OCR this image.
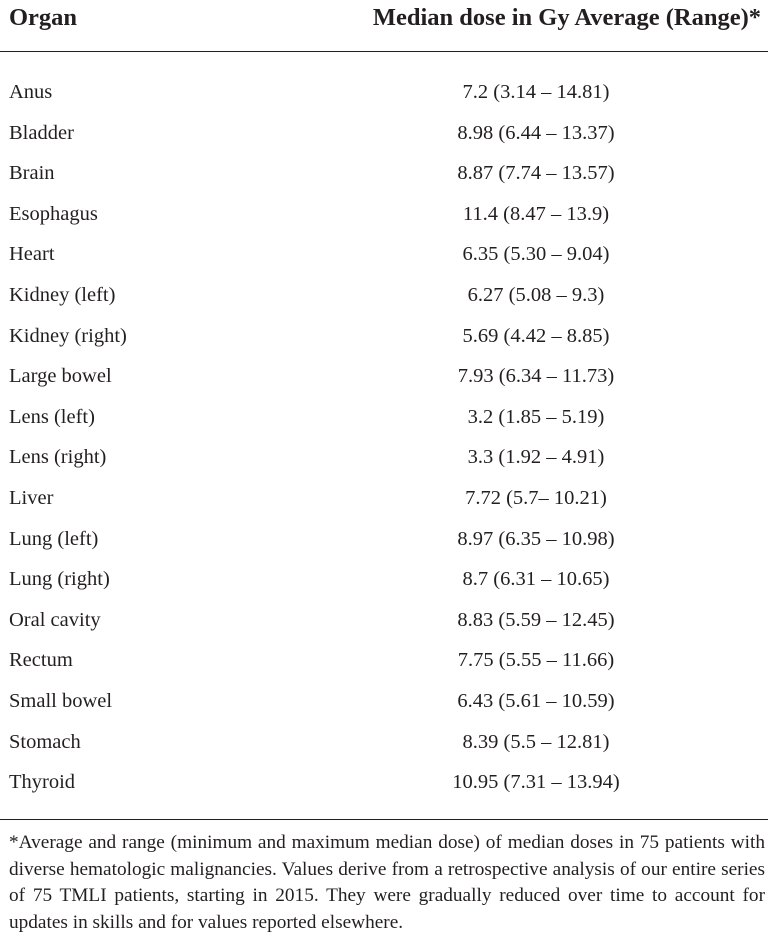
Organ	Median dose in Gy Average (Range)*
Anus	7.2 (3.14 – 14.81)
Bladder	8.98 (6.44 – 13.37)
Brain	8.87 (7.74 – 13.57)
Esophagus	11.4 (8.47 – 13.9)
Heart	6.35 (5.30 – 9.04)
Kidney (left)	6.27 (5.08 – 9.3)
Kidney (right)	5.69 (4.42 – 8.85)
Large bowel	7.93 (6.34 – 11.73)
Lens (left)	3.2 (1.85 – 5.19)
Lens (right)	3.3 (1.92 – 4.91)
Liver	7.72 (5.7– 10.21)
Lung (left)	8.97 (6.35 – 10.98)
Lung (right)	8.7 (6.31 – 10.65)
Oral cavity	8.83 (5.59 – 12.45)
Rectum	7.75 (5.55 – 11.66)
Small bowel	6.43 (5.61 – 10.59)
Stomach	8.39 (5.5 – 12.81)
Thyroid	10.95 (7.31 – 13.94)
*Average and range (minimum and maximum median dose) of median doses in 75 patients with diverse hematologic malignancies. Values derive from a retrospective analysis of our entire series of 75 TMLI patients, starting in 2015. They were gradually reduced over time to account for updates in skills and for values reported elsewhere.
